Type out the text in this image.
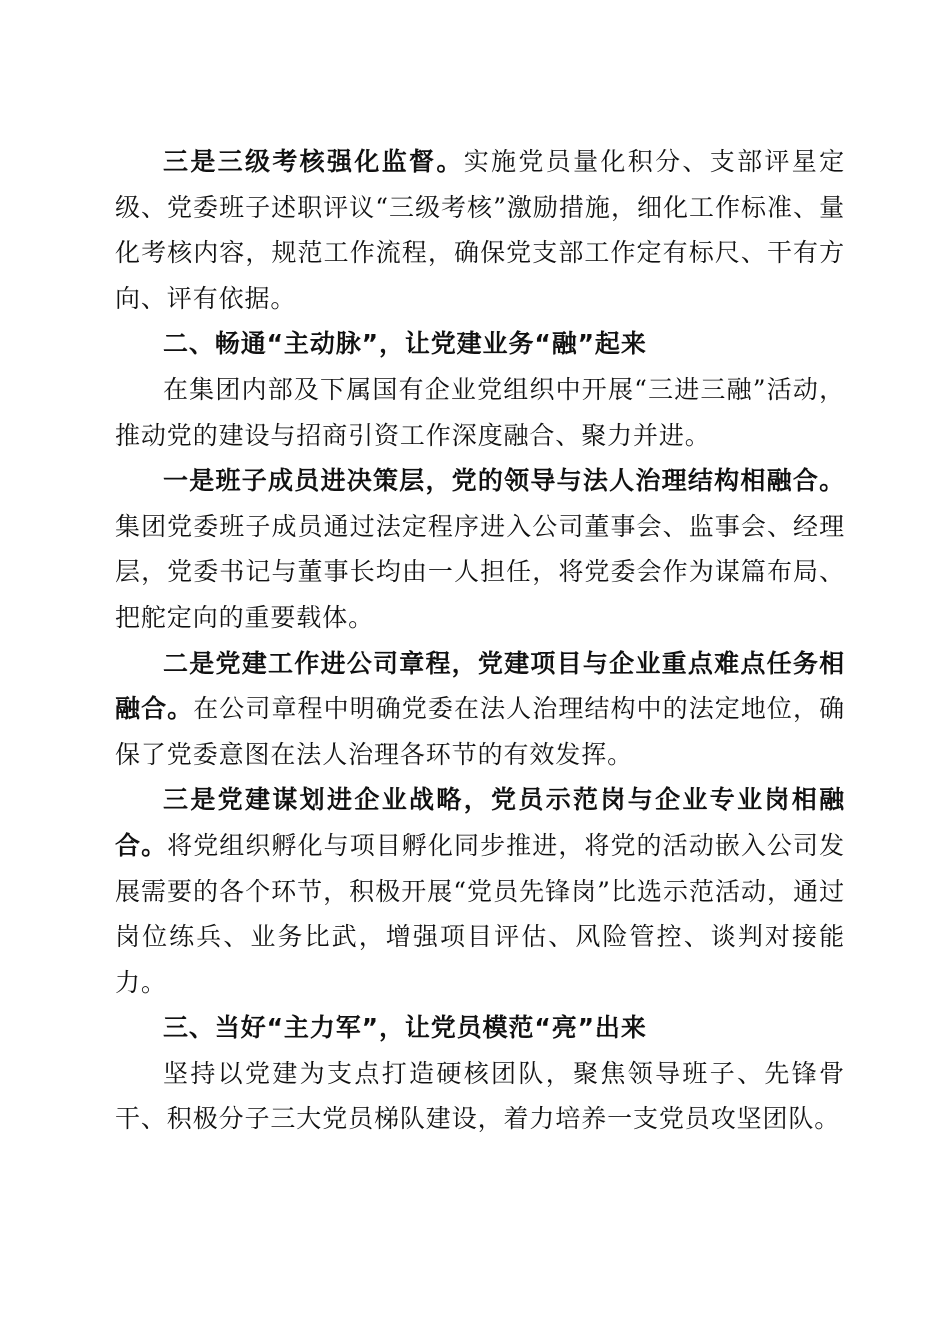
三是三级考核强化监督。实施党员量化积分、支部评星定级、党委班子述职评议“三级考核”激励措施，细化工作标准、量化考核内容，规范工作流程，确保党支部工作定有标尺、干有方向、评有依据。

二、畅通“主动脉”，让党建业务“融”起来

在集团内部及下属国有企业党组织中开展“三进三融”活动，推动党的建设与招商引资工作深度融合、聚力并进。

一是班子成员进决策层，党的领导与法人治理结构相融合。集团党委班子成员通过法定程序进入公司董事会、监事会、经理层，党委书记与董事长均由一人担任，将党委会作为谋篇布局、把舵定向的重要载体。

二是党建工作进公司章程，党建项目与企业重点难点任务相融合。在公司章程中明确党委在法人治理结构中的法定地位，确保了党委意图在法人治理各环节的有效发挥。

三是党建谋划进企业战略，党员示范岗与企业专业岗相融合。将党组织孵化与项目孵化同步推进，将党的活动嵌入公司发展需要的各个环节，积极开展“党员先锋岗”比选示范活动，通过岗位练兵、业务比武，增强项目评估、风险管控、谈判对接能力。

三、当好“主力军”，让党员模范“亮”出来

坚持以党建为支点打造硬核团队，聚焦领导班子、先锋骨干、积极分子三大党员梯队建设，着力培养一支党员攻坚团队。
